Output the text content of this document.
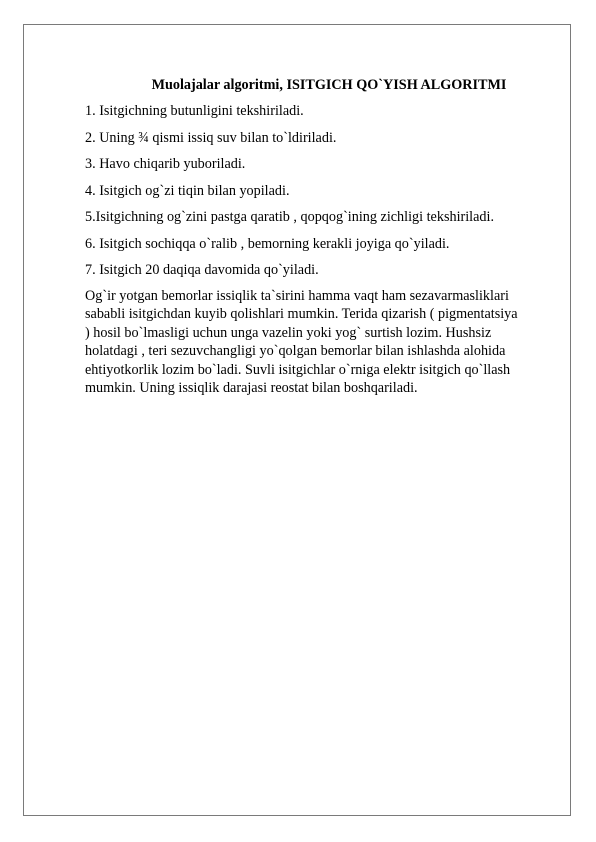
Muolajalar algoritmi, ISITGICH QO`YISH ALGORITMI
1. Isitgichning butunligini tekshiriladi.
2. Uning ¾ qismi issiq suv bilan to`ldiriladi.
3. Havo chiqarib yuboriladi.
4. Isitgich og`zi tiqin bilan yopiladi.
5.Isitgichning og`zini pastga qaratib , qopqog`ining zichligi tekshiriladi.
6. Isitgich sochiqqa o`ralib , bemorning kerakli joyiga qo`yiladi.
7. Isitgich 20 daqiqa davomida qo`yiladi.

Og`ir yotgan bemorlar issiqlik ta`sirini hamma vaqt ham sezavarmasliklari sababli isitgichdan kuyib qolishlari mumkin. Terida qizarish ( pigmentatsiya ) hosil bo`lmasligi uchun unga vazelin yoki yog` surtish lozim. Hushsiz holatdagi , teri sezuvchangligi yo`qolgan bemorlar bilan ishlashda alohida ehtiyotkorlik lozim bo`ladi. Suvli isitgichlar o`rniga elektr isitgich qo`llash mumkin. Uning issiqlik darajasi reostat bilan boshqariladi.
